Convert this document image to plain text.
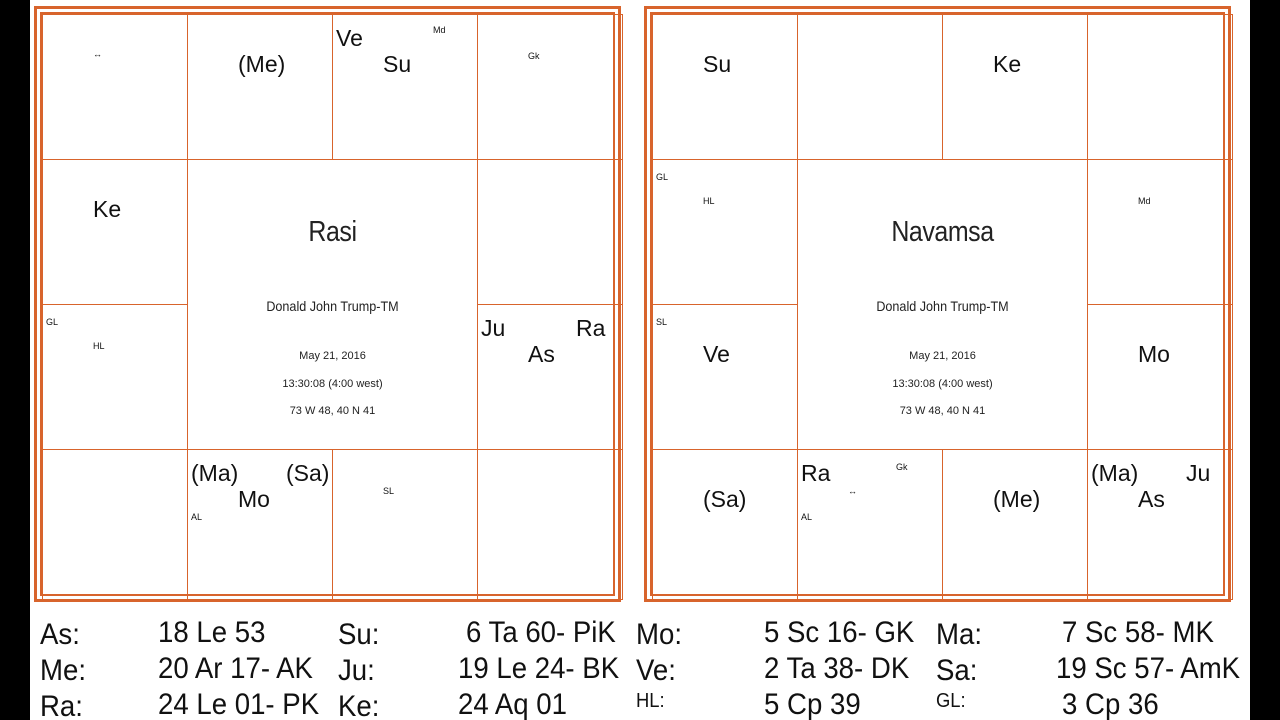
↔	(Me)
Ve
Su
Md
Gk
Ke
GL
HL
Ju	Ra
As
(Ma) (Sa)
Mo
AL
SL
Rasi
Donald John Trump-TM
May 21, 2016
13:30:08 (4:00 west)
73 W 48, 40 N 41
Su	Ke
GL
HL	Md
SL
Ve	Mo
(Sa)
Ra	Gk
↔
AL
(Me)
(Ma) Ju
As
Navamsa
Donald John Trump-TM
May 21, 2016
13:30:08 (4:00 west)
73 W 48, 40 N 41
As:	18 Le 53 Su:	6 Ta 60- PiK Mo:	5 Sc 16- GK Ma:	7 Sc 58- MK
Me: 20 Ar 17- AK Ju:	19 Le 24- BK Ve:	2 Ta 38- DK Sa:	19 Sc 57- AmK
Ra:	24 Le 01- PK Ke:	24 Aq 01	HL:	5 Cp 39	GL:	3 Cp 36
